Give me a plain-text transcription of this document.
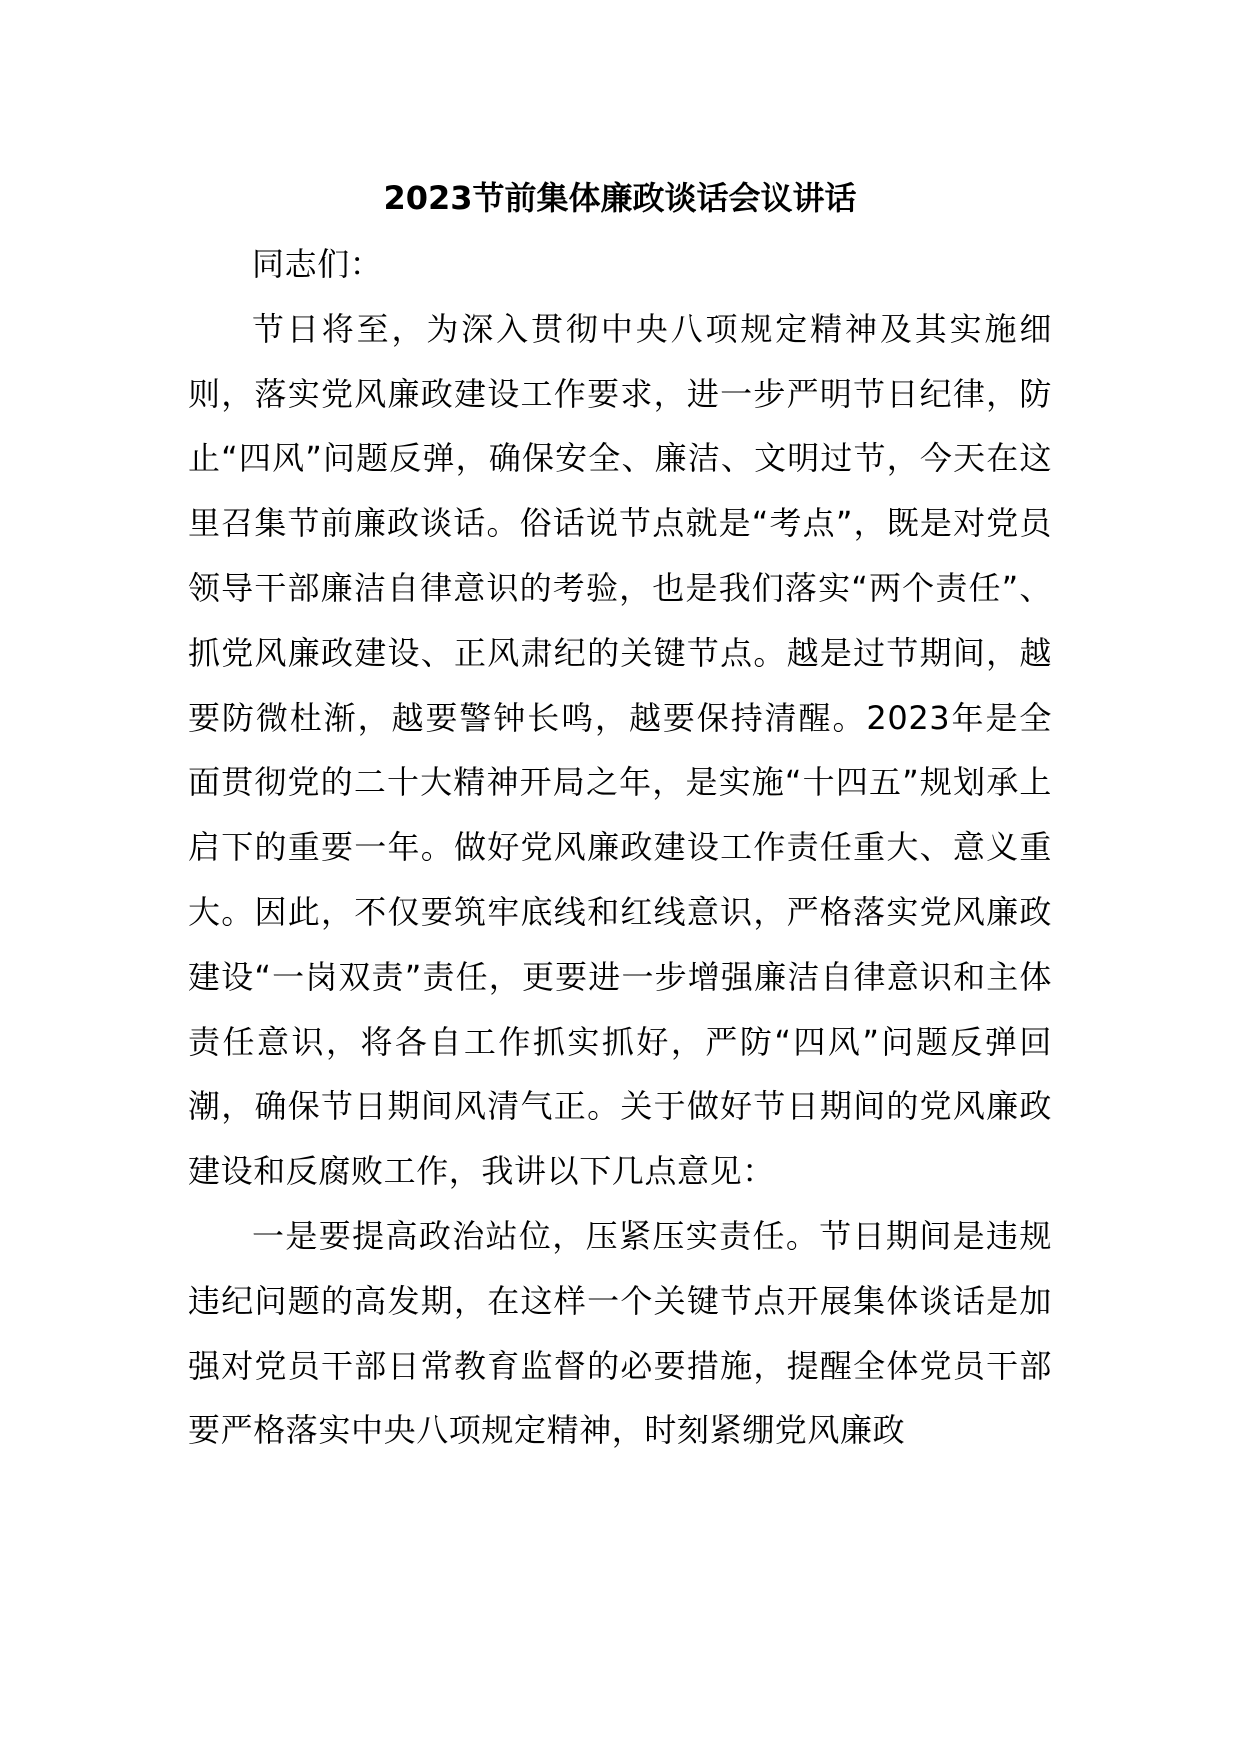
2023节前集体廉政谈话会议讲话

同志们：

节日将至，为深入贯彻中央八项规定精神及其实施细则，落实党风廉政建设工作要求，进一步严明节日纪律，防止“四风”问题反弹，确保安全、廉洁、文明过节，今天在这里召集节前廉政谈话。俗话说节点就是“考点”，既是对党员领导干部廉洁自律意识的考验，也是我们落实“两个责任”、抓党风廉政建设、正风肃纪的关键节点。越是过节期间，越要防微杜渐，越要警钟长鸣，越要保持清醒。2023年是全面贯彻党的二十大精神开局之年，是实施“十四五”规划承上启下的重要一年。做好党风廉政建设工作责任重大、意义重大。因此，不仅要筑牢底线和红线意识，严格落实党风廉政建设“一岗双责”责任，更要进一步增强廉洁自律意识和主体责任意识，将各自工作抓实抓好，严防“四风”问题反弹回潮，确保节日期间风清气正。关于做好节日期间的党风廉政建设和反腐败工作，我讲以下几点意见：

一是要提高政治站位，压紧压实责任。节日期间是违规违纪问题的高发期，在这样一个关键节点开展集体谈话是加强对党员干部日常教育监督的必要措施，提醒全体党员干部要严格落实中央八项规定精神，时刻紧绷党风廉政
